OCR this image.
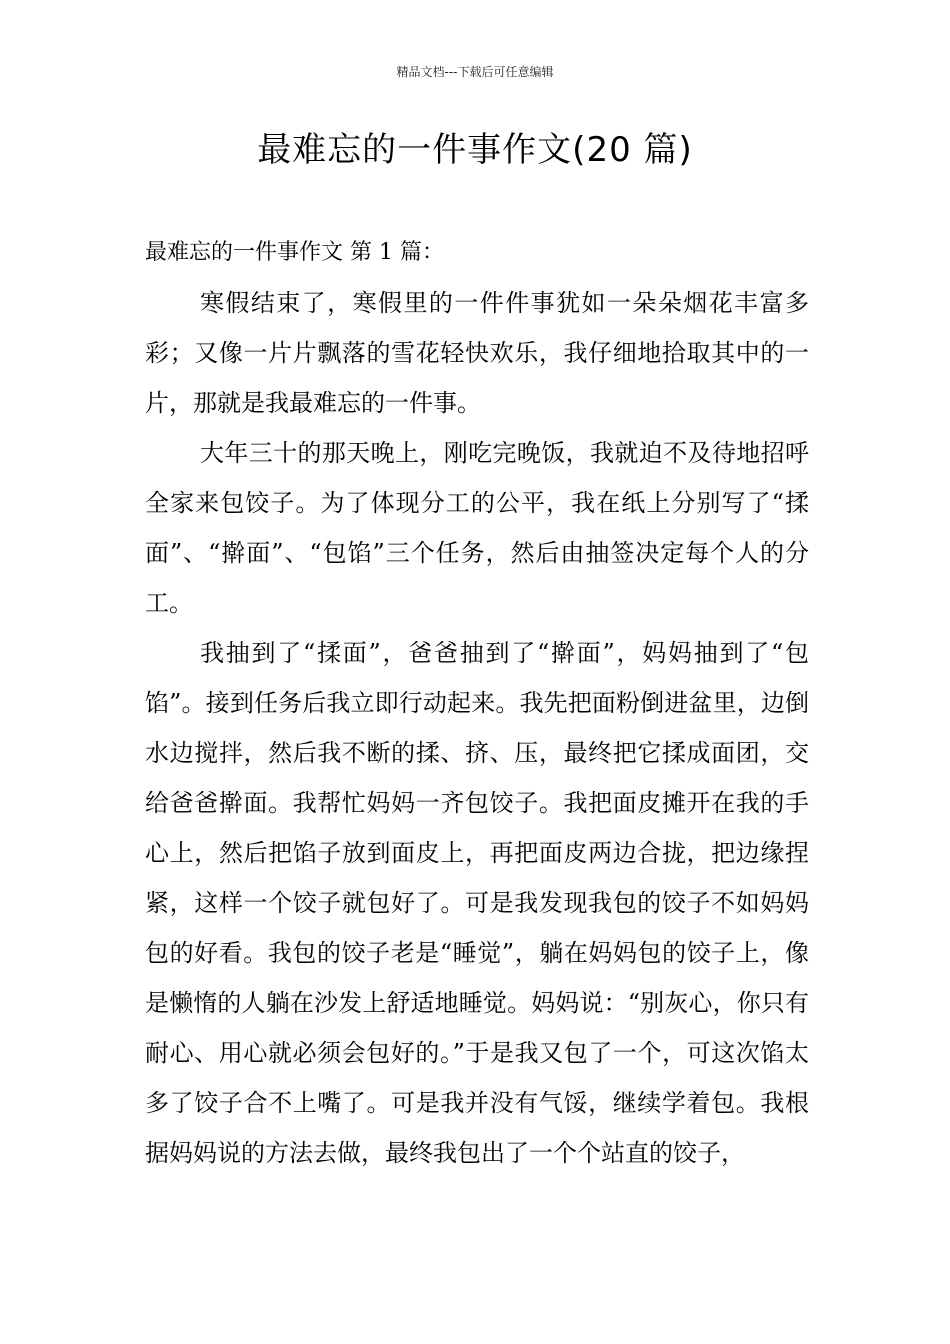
精品文档---下载后可任意编辑
最难忘的一件事作文(20 篇)

最难忘的一件事作文 第 1 篇：

寒假结束了，寒假里的一件件事犹如一朵朵烟花丰富多彩；又像一片片飘落的雪花轻快欢乐，我仔细地拾取其中的一片，那就是我最难忘的一件事。

大年三十的那天晚上，刚吃完晚饭，我就迫不及待地招呼全家来包饺子。为了体现分工的公平，我在纸上分别写了“揉面”、“擀面”、“包馅”三个任务，然后由抽签决定每个人的分工。

我抽到了“揉面”，爸爸抽到了“擀面”，妈妈抽到了“包馅”。接到任务后我立即行动起来。我先把面粉倒进盆里，边倒水边搅拌，然后我不断的揉、挤、压，最终把它揉成面团，交给爸爸擀面。我帮忙妈妈一齐包饺子。我把面皮摊开在我的手心上，然后把馅子放到面皮上，再把面皮两边合拢，把边缘捏紧，这样一个饺子就包好了。可是我发现我包的饺子不如妈妈包的好看。我包的饺子老是“睡觉”，躺在妈妈包的饺子上，像是懒惰的人躺在沙发上舒适地睡觉。妈妈说：“别灰心，你只有耐心、用心就必须会包好的。”于是我又包了一个，可这次馅太多了饺子合不上嘴了。可是我并没有气馁，继续学着包。我根据妈妈说的方法去做，最终我包出了一个个站直的饺子，
